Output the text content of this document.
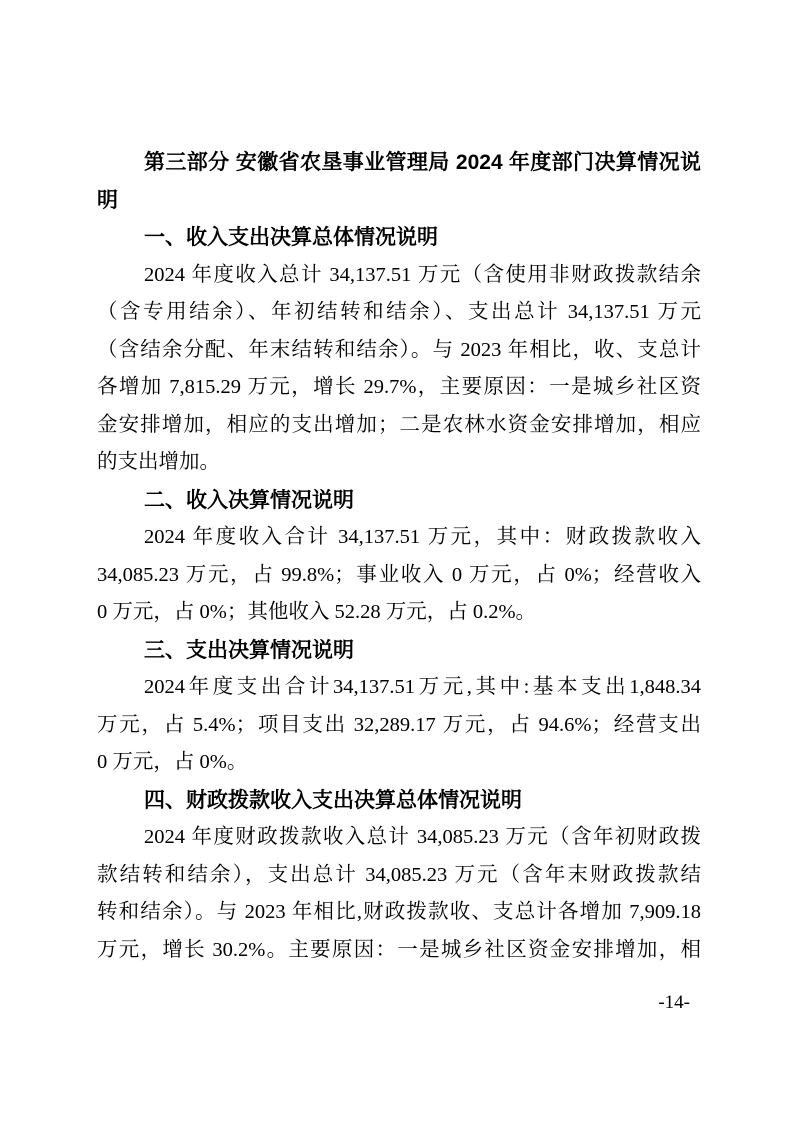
第三部分 安徽省农垦事业管理局 2024 年度部门决算情况说
明
一、收入支出决算总体情况说明
2024 年度收入总计 34,137.51 万元（含使用非财政拨款结余
（含专用结余）、年初结转和结余）、支出总计 34,137.51 万元
（含结余分配、年末结转和结余）。与 2023 年相比，收、支总计
各增加 7,815.29 万元，增长 29.7%，主要原因：一是城乡社区资
金安排增加，相应的支出增加；二是农林水资金安排增加，相应
的支出增加。
二、收入决算情况说明
2024 年度收入合计 34,137.51 万元，其中：财政拨款收入
34,085.23 万元，占 99.8%；事业收入 0 万元，占 0%；经营收入
0 万元，占 0%；其他收入 52.28 万元，占 0.2%。
三、支出决算情况说明
2024年度支出合计34,137.51万元,其中:基本支出1,848.34
万元，占 5.4%；项目支出 32,289.17 万元，占 94.6%；经营支出
0 万元，占 0%。
四、财政拨款收入支出决算总体情况说明
2024 年度财政拨款收入总计 34,085.23 万元（含年初财政拨
款结转和结余），支出总计 34,085.23 万元（含年末财政拨款结
转和结余）。与 2023 年相比,财政拨款收、支总计各增加 7,909.18
万元，增长 30.2%。主要原因：一是城乡社区资金安排增加，相
-14-
